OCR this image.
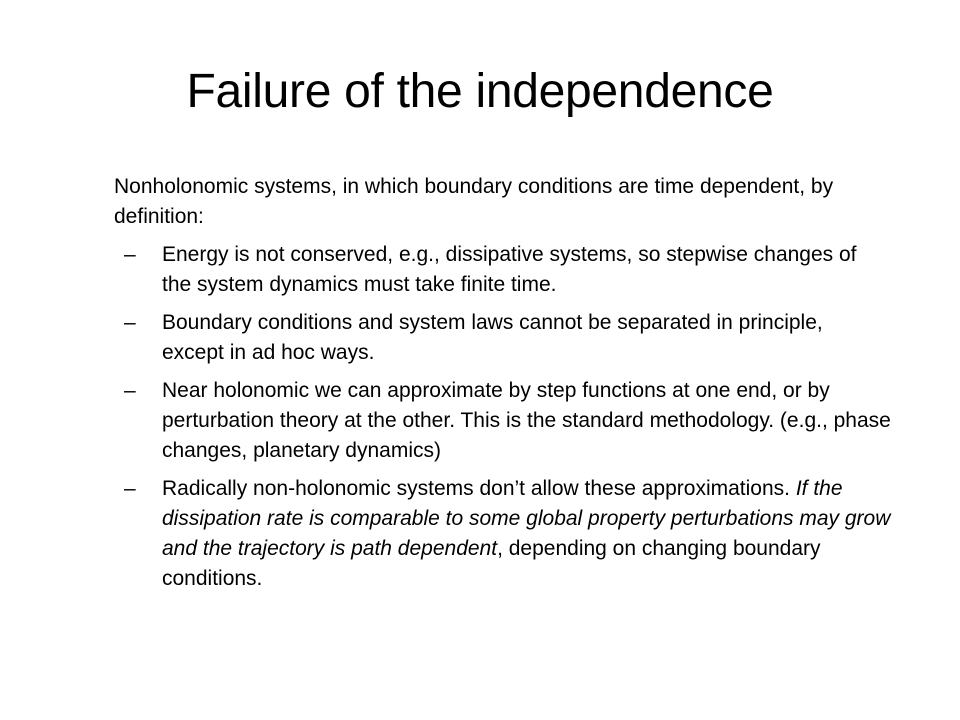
Failure of the independence

Nonholonomic systems, in which boundary conditions are time dependent, by definition:

– Energy is not conserved, e.g., dissipative systems, so stepwise changes of the system dynamics must take finite time.
– Boundary conditions and system laws cannot be separated in principle, except in ad hoc ways.
– Near holonomic we can approximate by step functions at one end, or by perturbation theory at the other. This is the standard methodology. (e.g., phase changes, planetary dynamics)
– Radically non-holonomic systems don’t allow these approximations. If the dissipation rate is comparable to some global property perturbations may grow and the trajectory is path dependent, depending on changing boundary conditions.
